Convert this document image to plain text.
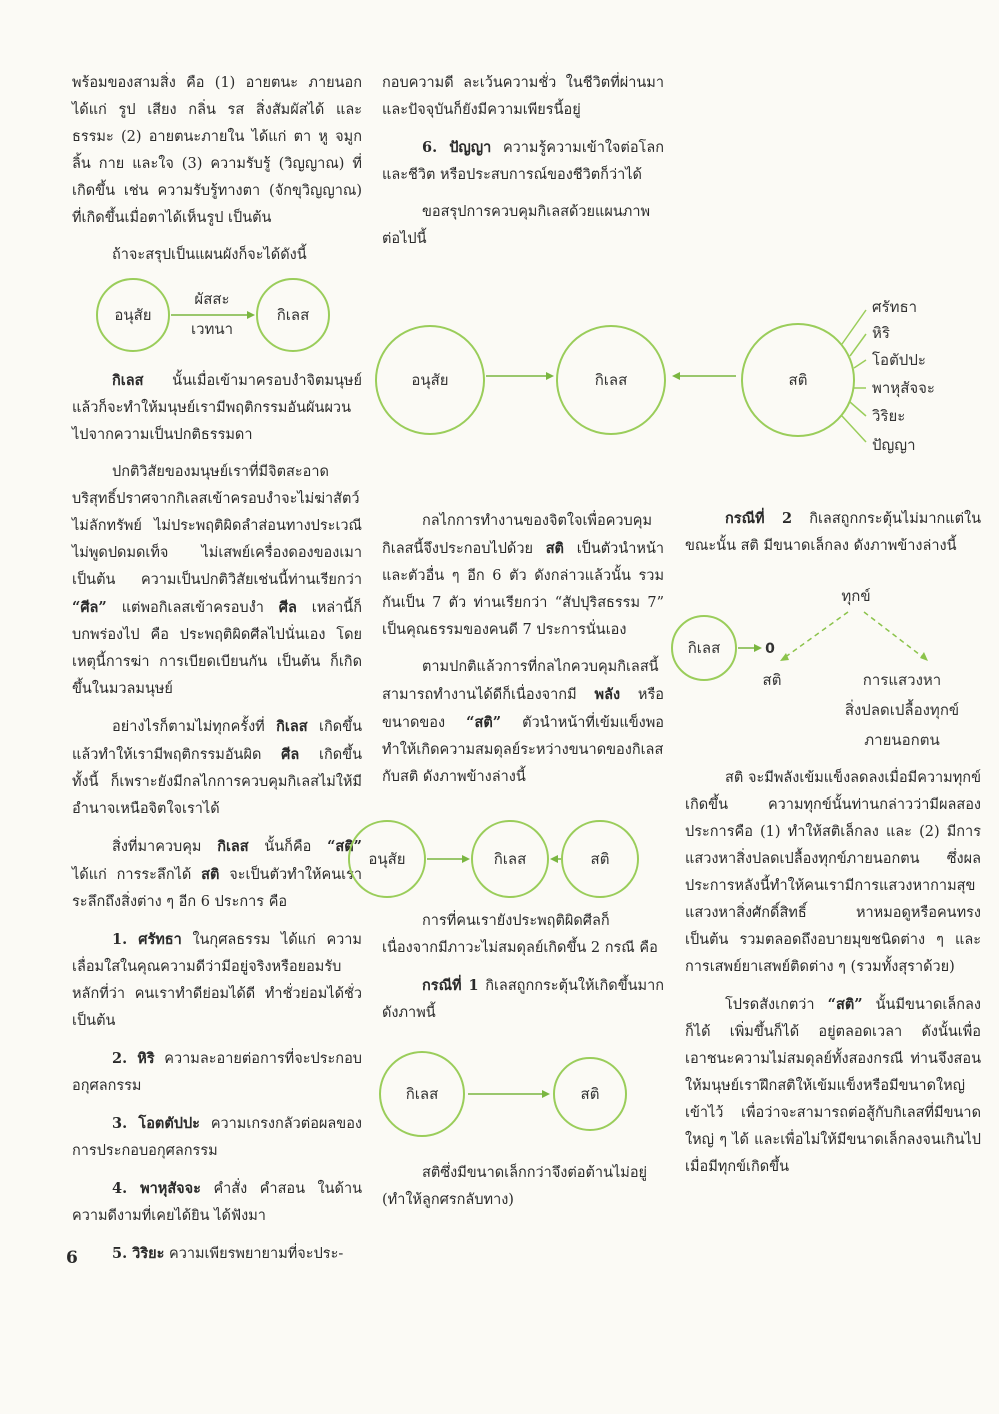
พร้อมของสามสิ่ง คือ (1) อายตนะ ภายนอก ได้แก่ รูป เสียง กลิ่น รส สิ่งสัมผัสได้ และ ธรรมะ (2) อายตนะภายใน ได้แก่ ตา หู จมูก ลิ้น กาย และใจ (3) ความรับรู้ (วิญญาณ) ที่เกิดขึ้น เช่น ความรับรู้ทางตา (จักขุวิญญาณ) ที่เกิดขึ้นเมื่อตาได้เห็นรูป เป็นต้น

ถ้าจะสรุปเป็นแผนผังก็จะได้ดังนี้

กิเลส นั้นเมื่อเข้ามาครอบงำจิตมนุษย์ แล้วก็จะทำให้มนุษย์เรามีพฤติกรรมอันผันผวน ไปจากความเป็นปกติธรรมดา

ปกติวิสัยของมนุษย์เราที่มีจิตสะอาด บริสุทธิ์ปราศจากกิเลสเข้าครอบงำจะไม่ฆ่าสัตว์ ไม่ลักทรัพย์ ไม่ประพฤติผิดลำส่อนทางประเวณี ไม่พูดปดมดเท็จ ไม่เสพย์เครื่องดองของเมา เป็นต้น ความเป็นปกติวิสัยเช่นนี้ท่านเรียกว่า “ศีล” แต่พอกิเลสเข้าครอบงำ ศีล เหล่านี้ก็บกพร่องไป คือ ประพฤติผิดศีลไปนั่นเอง โดยเหตุนี้การฆ่า การเบียดเบียนกัน เป็นต้น ก็เกิดขึ้นในมวลมนุษย์

อย่างไรก็ตามไม่ทุกครั้งที่ กิเลส เกิดขึ้นแล้วทำให้เรามีพฤติกรรมอันผิด ศีล เกิดขึ้น ทั้งนี้ ก็เพราะยังมีกลไกการควบคุมกิเลสไม่ให้มีอำนาจเหนือจิตใจเราได้

สิ่งที่มาควบคุม กิเลส นั้นก็คือ “สติ” ได้แก่ การระลึกได้ สติ จะเป็นตัวทำให้คนเราระลึกถึงสิ่งต่าง ๆ อีก 6 ประการ คือ

1. ศรัทธา ในกุศลธรรม ได้แก่ ความเลื่อมใสในคุณความดีว่ามีอยู่จริงหรือยอมรับหลักที่ว่า คนเราทำดีย่อมได้ดี ทำชั่วย่อมได้ชั่ว เป็นต้น

2. หิริ ความละอายต่อการที่จะประกอบอกุศลกรรม

3. โอตตัปปะ ความเกรงกลัวต่อผลของการประกอบอกุศลกรรม

4. พาหุสัจจะ คำสั่ง คำสอน ในด้านความดีงามที่เคยได้ยิน ได้ฟังมา

5. วิริยะ ความเพียรพยายามที่จะประ-

กอบความดี ละเว้นความชั่ว ในชีวิตที่ผ่านมาและปัจจุบันก็ยังมีความเพียรนี้อยู่

6. ปัญญา ความรู้ความเข้าใจต่อโลกและชีวิต หรือประสบการณ์ของชีวิตก็ว่าได้

ขอสรุปการควบคุมกิเลสด้วยแผนภาพต่อไปนี้

กลไกการทำงานของจิตใจเพื่อควบคุมกิเลสนี้จึงประกอบไปด้วย สติ เป็นตัวนำหน้า และตัวอื่น ๆ อีก 6 ตัว ดังกล่าวแล้วนั้น รวมกันเป็น 7 ตัว ท่านเรียกว่า “สัปปุริสธรรม 7” เป็นคุณธรรมของคนดี 7 ประการนั่นเอง

ตามปกติแล้วการที่กลไกควบคุมกิเลสนี้สามารถทำงานได้ดีก็เนื่องจากมี พลัง หรือขนาดของ “สติ” ตัวนำหน้าที่เข้มแข็งพอทำให้เกิดความสมดุลย์ระหว่างขนาดของกิเลส กับสติ ดังภาพข้างล่างนี้

การที่คนเรายังประพฤติผิดศีลก็เนื่องจากมีภาวะไม่สมดุลย์เกิดขึ้น 2 กรณี คือ

กรณีที่ 1 กิเลสถูกกระตุ้นให้เกิดขึ้นมาก ดังภาพนี้

สติซึ่งมีขนาดเล็กกว่าจึงต่อต้านไม่อยู่ (ทำให้ลูกศรกลับทาง)

กรณีที่ 2 กิเลสถูกกระตุ้นไม่มากแต่ในขณะนั้น สติ มีขนาดเล็กลง ดังภาพข้างล่างนี้

สติ จะมีพลังเข้มแข็งลดลงเมื่อมีความทุกข์เกิดขึ้น ความทุกข์นั้นท่านกล่าวว่ามีผลสองประการคือ (1) ทำให้สติเล็กลง และ (2) มีการแสวงหาสิ่งปลดเปลื้องทุกข์ภายนอกตน ซึ่งผลประการหลังนี้ทำให้คนเรามีการแสวงหากามสุข แสวงหาสิ่งศักดิ์สิทธิ์ หาหมอดูหรือคนทรง เป็นต้น รวมตลอดถึงอบายมุขชนิดต่าง ๆ และการเสพย์ยาเสพย์ติดต่าง ๆ (รวมทั้งสุราด้วย)

โปรดสังเกตว่า “สติ” นั้นมีขนาดเล็กลงก็ได้ เพิ่มขึ้นก็ได้ อยู่ตลอดเวลา ดังนั้นเพื่อเอาชนะความไม่สมดุลย์ทั้งสองกรณี ท่านจึงสอนให้มนุษย์เราฝึกสติให้เข้มแข็งหรือมีขนาดใหญ่เข้าไว้ เพื่อว่าจะสามารถต่อสู้กับกิเลสที่มีขนาดใหญ่ ๆ ได้ และเพื่อไม่ให้มีขนาดเล็กลงจนเกินไปเมื่อมีทุกข์เกิดขึ้น

อนุสัย	กิเลส
ผัสสะ
เวทนา
อนุสัย	กิเลส	สติ
ศรัทธา
หิริ
โอตัปปะ
พาหุสัจจะ
วิริยะ
ปัญญา
อนุสัย	กิเลส	สติ
กิเลส	สติ
กิเลส	0
ทุกข์
สติ	การแสวงหา
สิ่งปลดเปลื้องทุกข์
ภายนอกตน
6
